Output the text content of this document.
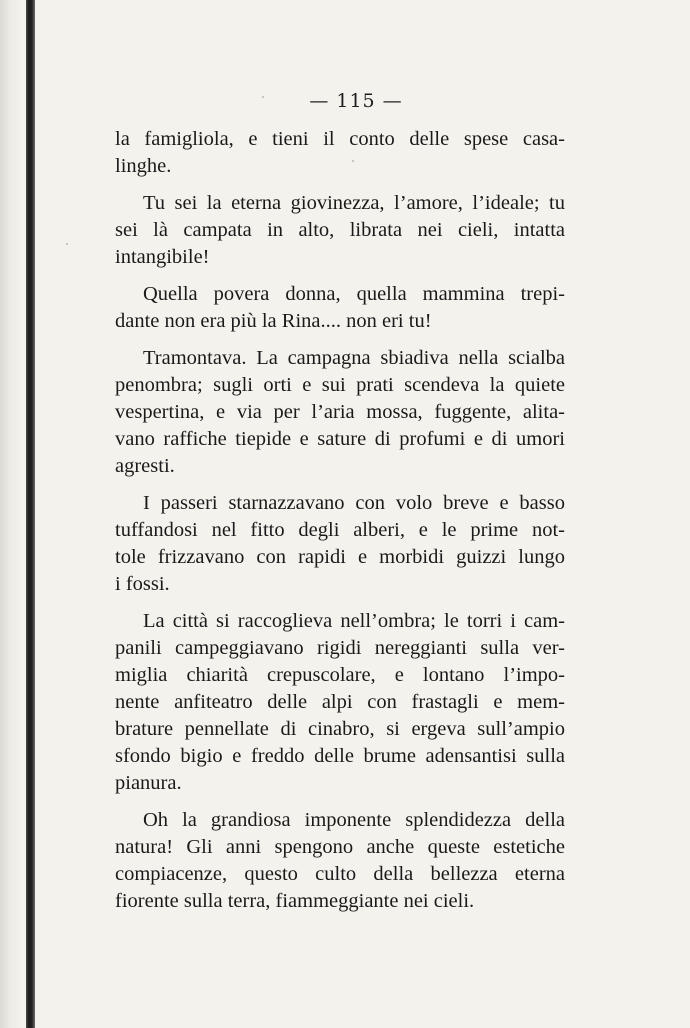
— 115 —
la famigliola, e tieni il conto delle spese casa-
linghe.
Tu sei la eterna giovinezza, l’amore, l’ideale; tu
sei là campata in alto, librata nei cieli, intatta
intangibile!
Quella povera donna, quella mammina trepi-
dante non era più la Rina.... non eri tu!
Tramontava. La campagna sbiadiva nella scialba
penombra; sugli orti e sui prati scendeva la quiete
vespertina, e via per l’aria mossa, fuggente, alita-
vano raffiche tiepide e sature di profumi e di umori
agresti.
I passeri starnazzavano con volo breve e basso
tuffandosi nel fitto degli alberi, e le prime not-
tole frizzavano con rapidi e morbidi guizzi lungo
i fossi.
La città si raccoglieva nell’ombra; le torri i cam-
panili campeggiavano rigidi nereggianti sulla ver-
miglia chiarità crepuscolare, e lontano l’impo-
nente anfiteatro delle alpi con frastagli e mem-
brature pennellate di cinabro, si ergeva sull’ampio
sfondo bigio e freddo delle brume adensantisi sulla
pianura.
Oh la grandiosa imponente splendidezza della
natura! Gli anni spengono anche queste estetiche
compiacenze, questo culto della bellezza eterna
fiorente sulla terra, fiammeggiante nei cieli.
